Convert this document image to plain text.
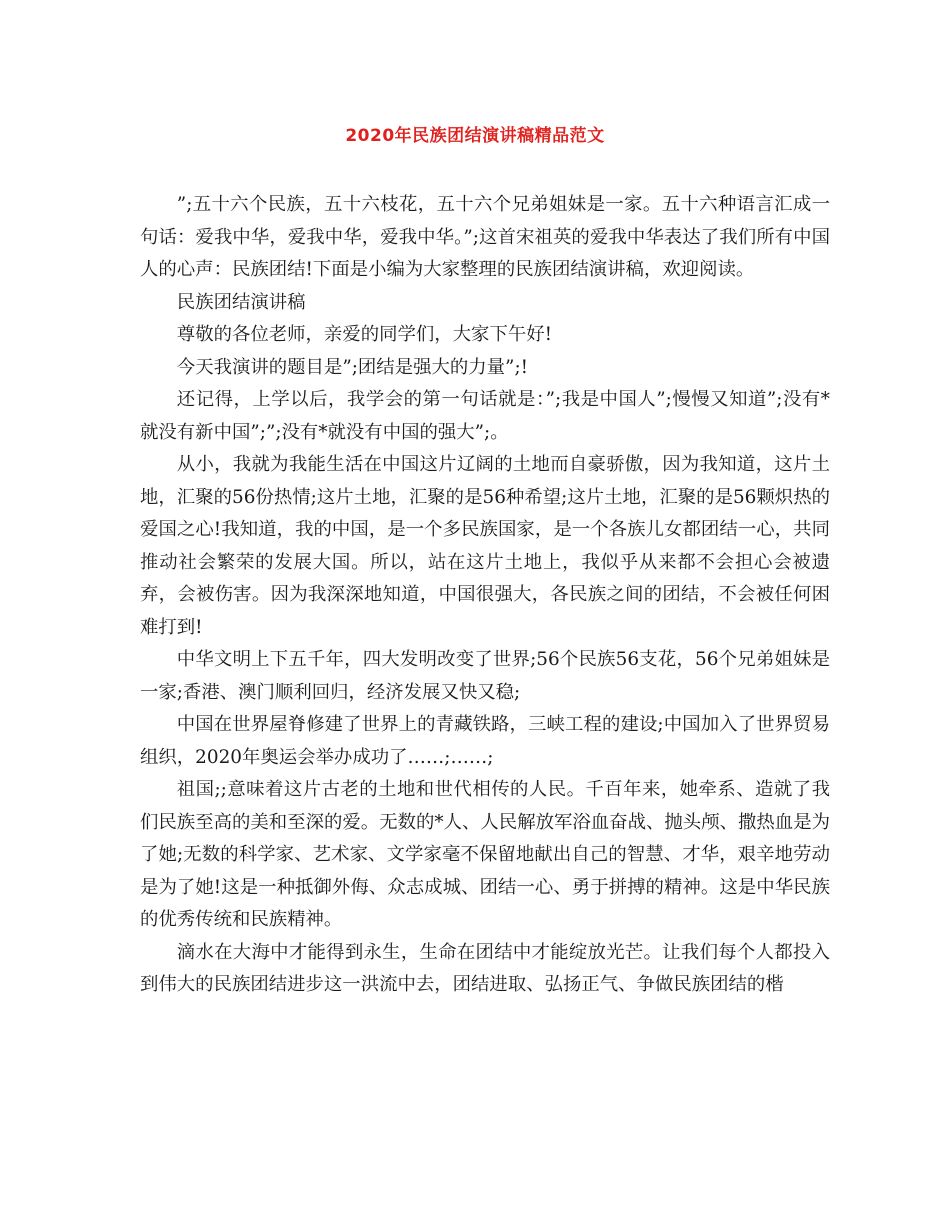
2020年民族团结演讲稿精品范文

”;五十六个民族，五十六枝花，五十六个兄弟姐妹是一家。五十六种语言汇成一句话：爱我中华，爱我中华，爱我中华。”;这首宋祖英的爱我中华表达了我们所有中国人的心声：民族团结!下面是小编为大家整理的民族团结演讲稿，欢迎阅读。

民族团结演讲稿

尊敬的各位老师，亲爱的同学们，大家下午好!

今天我演讲的题目是”;团结是强大的力量”;!

还记得，上学以后，我学会的第一句话就是：”;我是中国人”;慢慢又知道”;没有*就没有新中国”;”;没有*就没有中国的强大”;。

从小，我就为我能生活在中国这片辽阔的土地而自豪骄傲，因为我知道，这片土地，汇聚的56份热情;这片土地，汇聚的是56种希望;这片土地，汇聚的是56颗炽热的爱国之心!我知道，我的中国，是一个多民族国家，是一个各族儿女都团结一心，共同推动社会繁荣的发展大国。所以，站在这片土地上，我似乎从来都不会担心会被遗弃，会被伤害。因为我深深地知道，中国很强大，各民族之间的团结，不会被任何困难打到!

中华文明上下五千年，四大发明改变了世界;56个民族56支花，56个兄弟姐妹是一家;香港、澳门顺利回归，经济发展又快又稳;

中国在世界屋脊修建了世界上的青藏铁路，三峡工程的建设;中国加入了世界贸易组织，2020年奥运会举办成功了……;……;

祖国;;意味着这片古老的土地和世代相传的人民。千百年来，她牵系、造就了我们民族至高的美和至深的爱。无数的*人、人民解放军浴血奋战、抛头颅、撒热血是为了她;无数的科学家、艺术家、文学家毫不保留地献出自己的智慧、才华，艰辛地劳动是为了她!这是一种抵御外侮、众志成城、团结一心、勇于拼搏的精神。这是中华民族的优秀传统和民族精神。

滴水在大海中才能得到永生，生命在团结中才能绽放光芒。让我们每个人都投入到伟大的民族团结进步这一洪流中去，团结进取、弘扬正气、争做民族团结的楷
